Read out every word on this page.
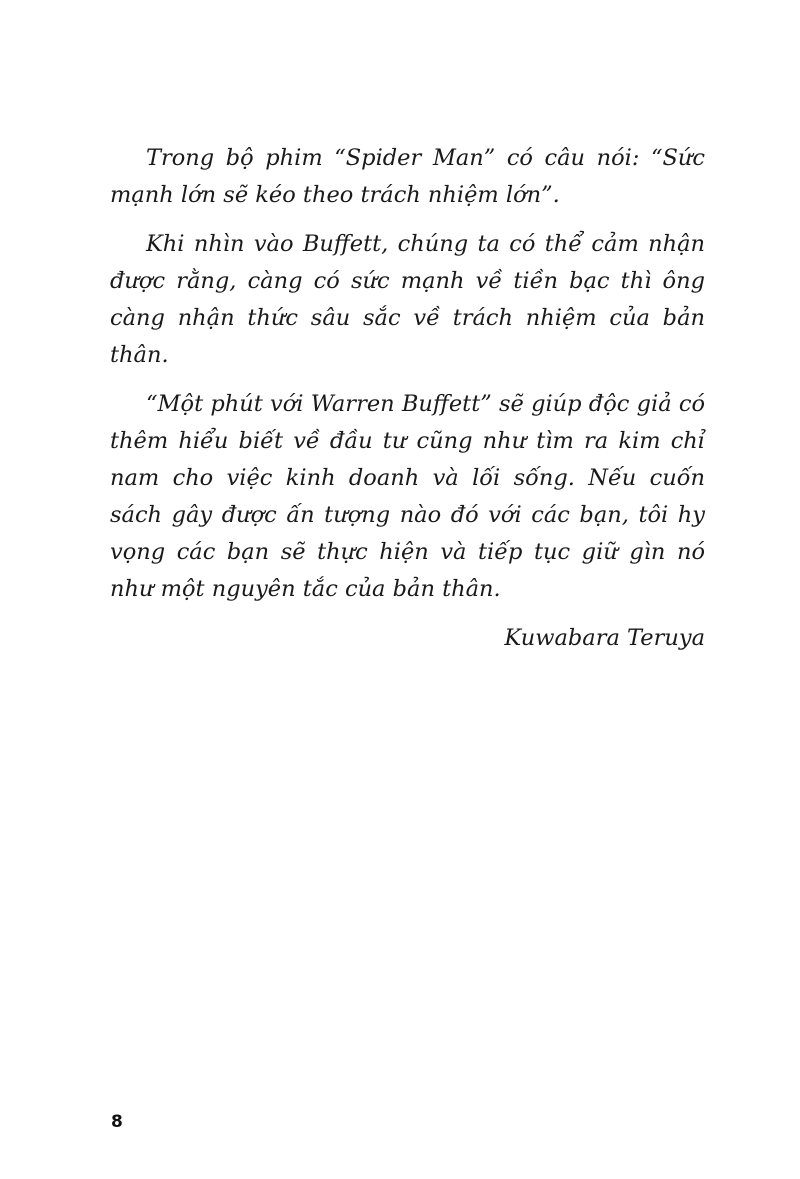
Trong bộ phim “Spider Man” có câu nói: “Sức mạnh lớn sẽ kéo theo trách nhiệm lớn”.

Khi nhìn vào Buffett, chúng ta có thể cảm nhận được rằng, càng có sức mạnh về tiền bạc thì ông càng nhận thức sâu sắc về trách nhiệm của bản thân.

“Một phút với Warren Buffett” sẽ giúp độc giả có thêm hiểu biết về đầu tư cũng như tìm ra kim chỉ nam cho việc kinh doanh và lối sống. Nếu cuốn sách gây được ấn tượng nào đó với các bạn, tôi hy vọng các bạn sẽ thực hiện và tiếp tục giữ gìn nó như một nguyên tắc của bản thân.

Kuwabara Teruya

8
